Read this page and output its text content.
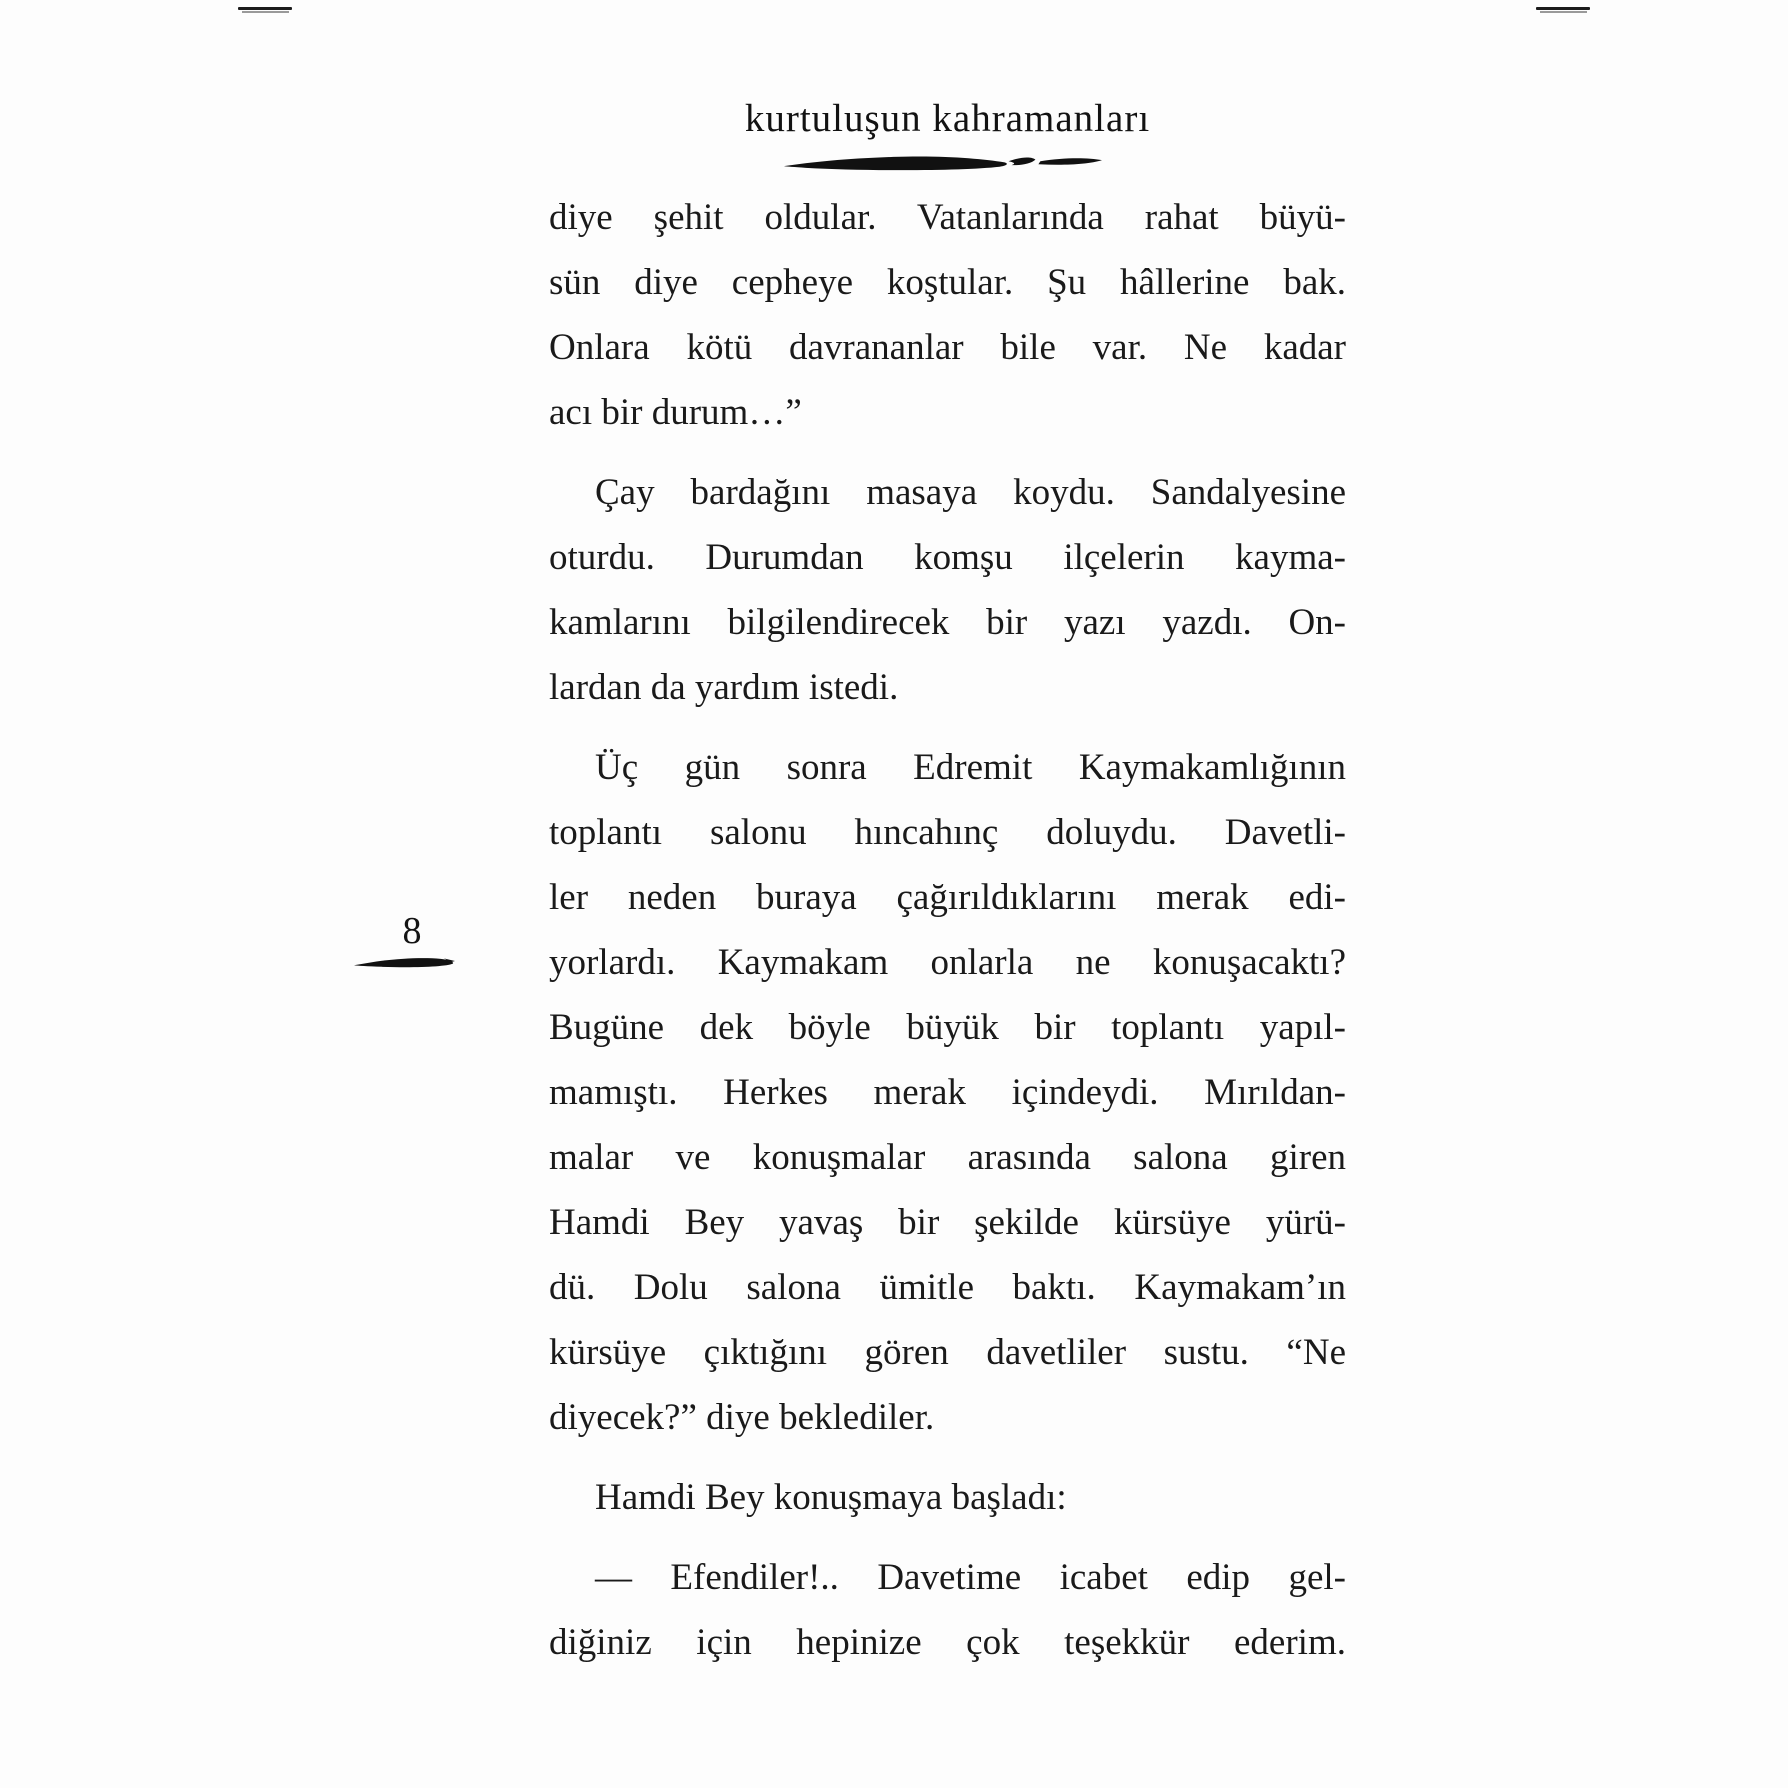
kurtuluşun kahramanları
8
diye şehit oldular. Vatanlarında rahat büyü-
sün diye cepheye koştular. Şu hâllerine bak.
Onlara kötü davrananlar bile var. Ne kadar
acı bir durum…”
Çay bardağını masaya koydu. Sandalyesine
oturdu. Durumdan komşu ilçelerin kayma-
kamlarını bilgilendirecek bir yazı yazdı. On-
lardan da yardım istedi.
Üç gün sonra Edremit Kaymakamlığının
toplantı salonu hıncahınç doluydu. Davetli-
ler neden buraya çağırıldıklarını merak edi-
yorlardı. Kaymakam onlarla ne konuşacaktı?
Bugüne dek böyle büyük bir toplantı yapıl-
mamıştı. Herkes merak içindeydi. Mırıldan-
malar ve konuşmalar arasında salona giren
Hamdi Bey yavaş bir şekilde kürsüye yürü-
dü. Dolu salona ümitle baktı. Kaymakam’ın
kürsüye çıktığını gören davetliler sustu. “Ne
diyecek?” diye beklediler.
Hamdi Bey konuşmaya başladı:
— Efendiler!.. Davetime icabet edip gel-
diğiniz için hepinize çok teşekkür ederim.
